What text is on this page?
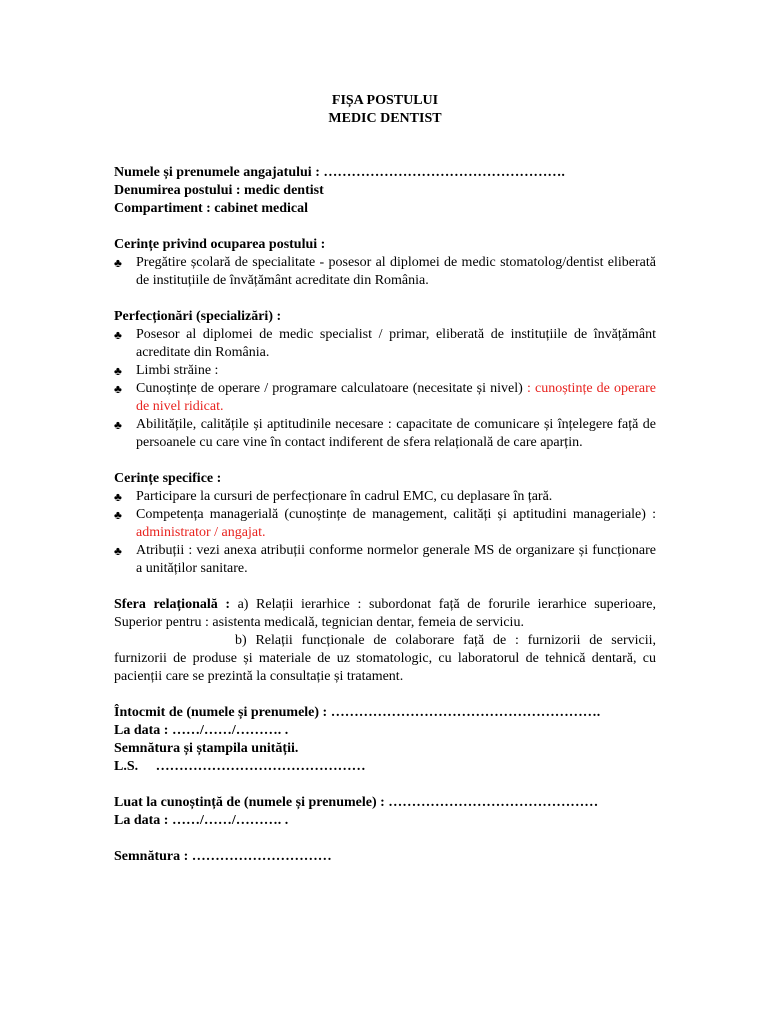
FIȘA POSTULUI

MEDIC DENTIST

Numele și prenumele angajatului : …………………………………………….

Denumirea postului : medic dentist

Compartiment : cabinet medical

Cerințe privind ocuparea postului :

♣ Pregătire școlară de specialitate - posesor al diplomei de medic stomatolog/dentist eliberată de instituțiile de învățământ acreditate din România.

Perfecționări (specializări) :

♣ Posesor al diplomei de medic specialist / primar, eliberată de instituțiile de învățământ acreditate din România.
♣ Limbi străine :
♣ Cunoștințe de operare / programare calculatoare (necesitate și nivel) : cunoștințe de operare de nivel ridicat.
♣ Abilitățile, calitățile și aptitudinile necesare : capacitate de comunicare și înțelegere față de persoanele cu care vine în contact indiferent de sfera relațională de care aparțin.

Cerințe specifice :

♣ Participare la cursuri de perfecționare în cadrul EMC, cu deplasare în țară.
♣ Competența managerială (cunoștințe de management, calități și aptitudini manageriale) : administrator / angajat.
♣ Atribuții : vezi anexa atribuții conforme normelor generale MS de organizare și funcționare a unităților sanitare.

Sfera relațională : a) Relații ierarhice : subordonat față de forurile ierarhice superioare, Superior pentru : asistenta medicală, tegnician dentar, femeia de serviciu.

b) Relații funcționale de colaborare față de : furnizorii de servicii, furnizorii de produse și materiale de uz stomatologic, cu laboratorul de tehnică dentară, cu pacienții care se prezintă la consultație și tratament.

Întocmit de (numele și prenumele) : ………………………………………………….

La data : ……/……/………. .

Semnătura și ștampila unității.

L.S.     ………………………………………

Luat la cunoștință de (numele și prenumele) : ………………………………………

La data : ……/……/………. .

Semnătura : …………………………
